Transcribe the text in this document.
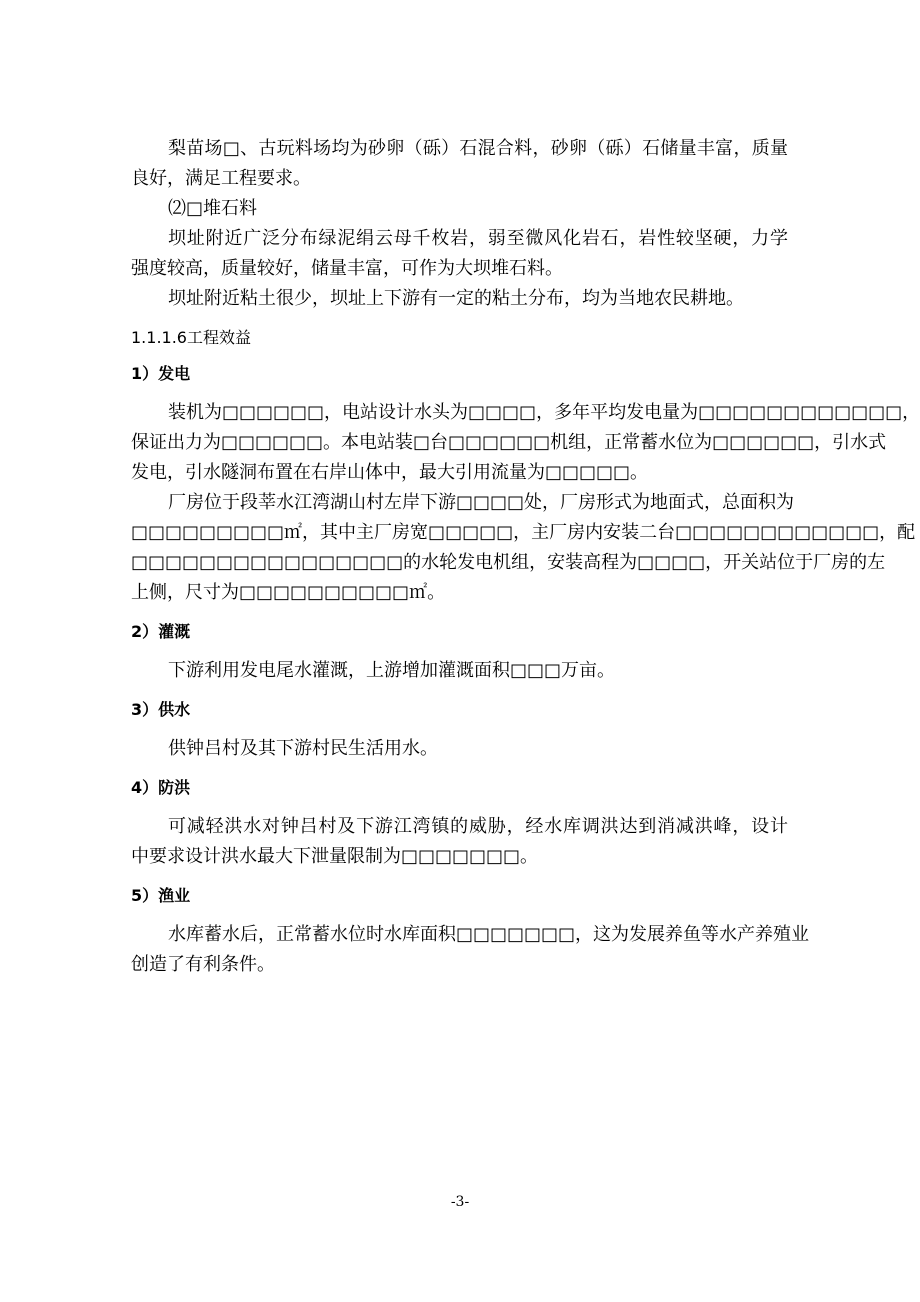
梨苗场□、古玩料场均为砂卵（砾）石混合料，砂卵（砾）石储量丰富，质量
良好，满足工程要求。
⑵□堆石料
坝址附近广泛分布绿泥绢云母千枚岩，弱至微风化岩石，岩性较坚硬，力学
强度较高，质量较好，储量丰富，可作为大坝堆石料。
坝址附近粘土很少，坝址上下游有一定的粘土分布，均为当地农民耕地。
1.1.1.6工程效益
1）发电
装机为□□□□□□，电站设计水头为□□□□，多年平均发电量为□□□□□□□□□□□□，
保证出力为□□□□□□。本电站装□台□□□□□□机组，正常蓄水位为□□□□□□，引水式
发电，引水隧洞布置在右岸山体中，最大引用流量为□□□□□。
厂房位于段莘水江湾湖山村左岸下游□□□□处，厂房形式为地面式，总面积为
□□□□□□□□□㎡，其中主厂房宽□□□□□，主厂房内安装二台□□□□□□□□□□□□，配
□□□□□□□□□□□□□□□□的水轮发电机组，安装高程为□□□□，开关站位于厂房的左
上侧，尺寸为□□□□□□□□□□㎡。
2）灌溉
下游利用发电尾水灌溉，上游增加灌溉面积□□□万亩。
3）供水
供钟吕村及其下游村民生活用水。
4）防洪
可减轻洪水对钟吕村及下游江湾镇的威胁，经水库调洪达到消减洪峰，设计
中要求设计洪水最大下泄量限制为□□□□□□□。
5）渔业
水库蓄水后，正常蓄水位时水库面积□□□□□□□，这为发展养鱼等水产养殖业
创造了有利条件。
-3-
